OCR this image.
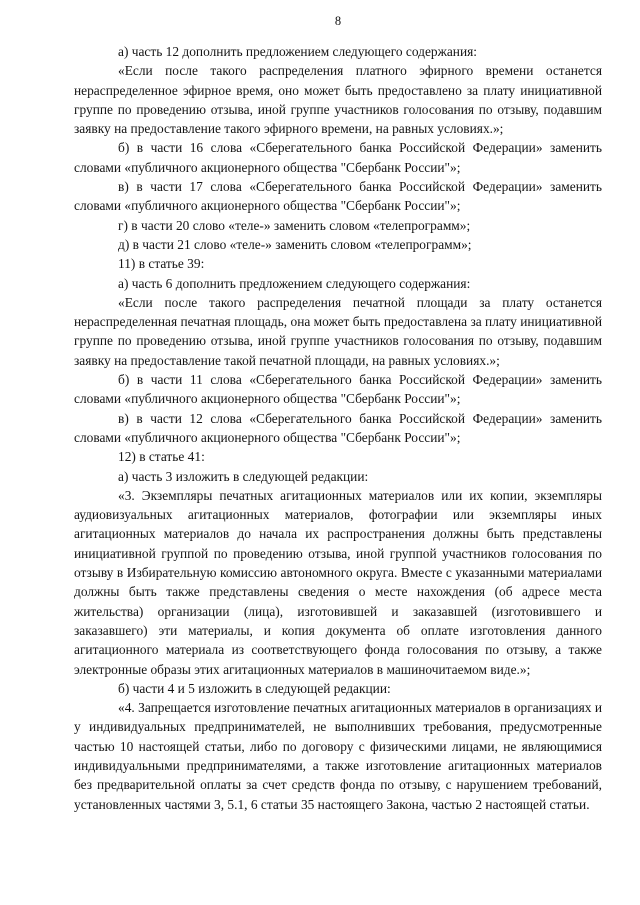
8

а) часть 12 дополнить предложением следующего содержания:

«Если после такого распределения платного эфирного времени останется нераспределенное эфирное время, оно может быть предоставлено за плату инициативной группе по проведению отзыва, иной группе участников голосования по отзыву, подавшим заявку на предоставление такого эфирного времени, на равных условиях.»;

б) в части 16 слова «Сберегательного банка Российской Федерации» заменить словами «публичного акционерного общества "Сбербанк России"»;

в) в части 17 слова «Сберегательного банка Российской Федерации» заменить словами «публичного акционерного общества "Сбербанк России"»;

г) в части 20 слово «теле-» заменить словом «телепрограмм»;

д) в части 21 слово «теле-» заменить словом «телепрограмм»;

11) в статье 39:

а) часть 6 дополнить предложением следующего содержания:

«Если после такого распределения печатной площади за плату останется нераспределенная печатная площадь, она может быть предоставлена за плату инициативной группе по проведению отзыва, иной группе участников голосования по отзыву, подавшим заявку на предоставление такой печатной площади, на равных условиях.»;

б) в части 11 слова «Сберегательного банка Российской Федерации» заменить словами «публичного акционерного общества "Сбербанк России"»;

в) в части 12 слова «Сберегательного банка Российской Федерации» заменить словами «публичного акционерного общества "Сбербанк России"»;

12) в статье 41:

а) часть 3 изложить в следующей редакции:

«3. Экземпляры печатных агитационных материалов или их копии, экземпляры аудиовизуальных агитационных материалов, фотографии или экземпляры иных агитационных материалов до начала их распространения должны быть представлены инициативной группой по проведению отзыва, иной группой участников голосования по отзыву в Избирательную комиссию автономного округа. Вместе с указанными материалами должны быть также представлены сведения о месте нахождения (об адресе места жительства) организации (лица), изготовившей и заказавшей (изготовившего и заказавшего) эти материалы, и копия документа об оплате изготовления данного агитационного материала из соответствующего фонда голосования по отзыву, а также электронные образы этих агитационных материалов в машиночитаемом виде.»;

б) части 4 и 5 изложить в следующей редакции:

«4. Запрещается изготовление печатных агитационных материалов в организациях и у индивидуальных предпринимателей, не выполнивших требования, предусмотренные частью 10 настоящей статьи, либо по договору с физическими лицами, не являющимися индивидуальными предпринимателями, а также изготовление агитационных материалов без предварительной оплаты за счет средств фонда по отзыву, с нарушением требований, установленных частями 3, 5.1, 6 статьи 35 настоящего Закона, частью 2 настоящей статьи.
